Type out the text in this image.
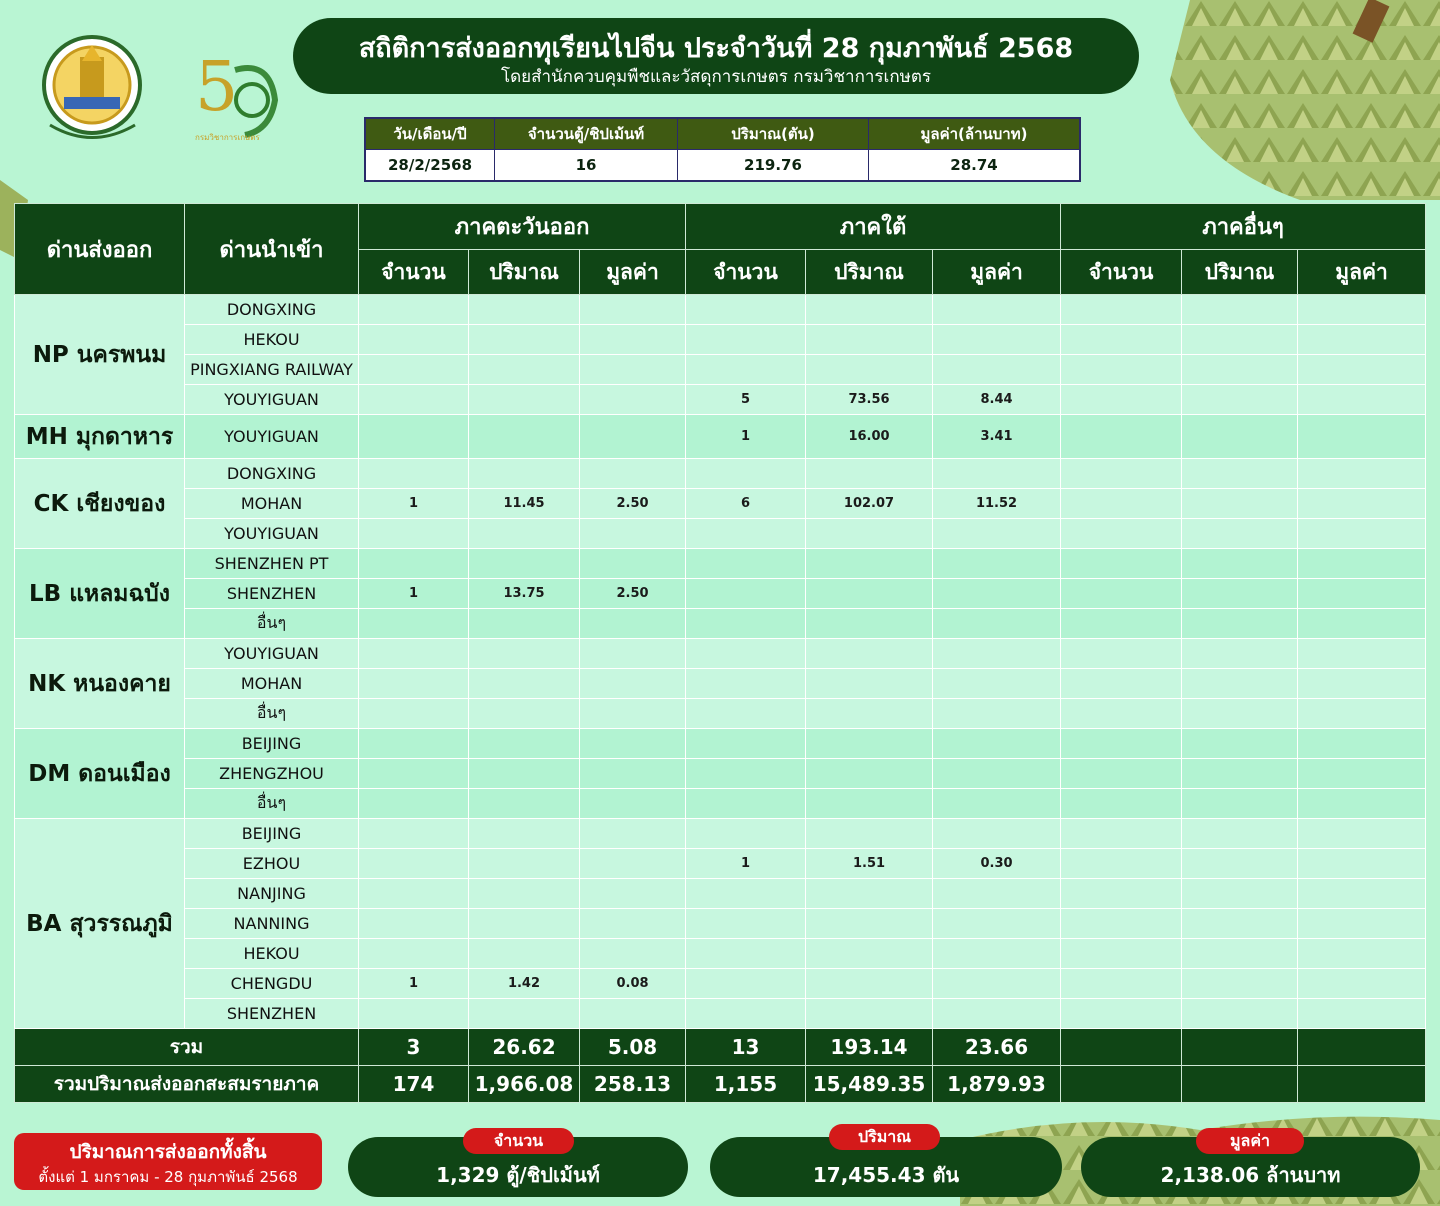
5
กรมวิชาการเกษตร
สถิติการส่งออกทุเรียนไปจีน ประจำวันที่ 28 กุมภาพันธ์ 2568
โดยสำนักควบคุมพืชและวัสดุการเกษตร กรมวิชาการเกษตร
วัน/เดือน/ปี	จำนวนตู้/ชิปเม้นท์	ปริมาณ(ตัน)	มูลค่า(ล้านบาท)
28/2/2568	16	219.76	28.74
ด่านส่งออก	ด่านนำเข้า	ภาคตะวันออก			ภาคใต้			ภาคอื่นๆ		
		จำนวน	ปริมาณ	มูลค่า	จำนวน	ปริมาณ	มูลค่า	จำนวน	ปริมาณ	มูลค่า
NP นครพนม	DONGXING									
	HEKOU									
	PINGXIANG RAILWAY									
	YOUYIGUAN				5	73.56	8.44			
MH มุกดาหาร	YOUYIGUAN				1	16.00	3.41			
CK เชียงของ	DONGXING									
	MOHAN	1	11.45	2.50	6	102.07	11.52			
	YOUYIGUAN									
LB แหลมฉบัง	SHENZHEN PT									
	SHENZHEN	1	13.75	2.50						
	อื่นๆ									
NK หนองคาย	YOUYIGUAN									
	MOHAN									
	อื่นๆ									
DM ดอนเมือง	BEIJING									
	ZHENGZHOU									
	อื่นๆ									
BA สุวรรณภูมิ	BEIJING									
	EZHOU				1	1.51	0.30			
	NANJING									
	NANNING									
	HEKOU									
	CHENGDU	1	1.42	0.08						
	SHENZHEN									
รวม		3	26.62	5.08	13	193.14	23.66			
รวมปริมาณส่งออกสะสมรายภาค		174	1,966.08	258.13	1,155	15,489.35	1,879.93			
ปริมาณการส่งออกทั้งสิ้น
ตั้งแต่ 1 มกราคม - 28 กุมภาพันธ์ 2568	1,329 ตู้/ชิปเม้นท์
จำนวน
17,455.43 ตัน
ปริมาณ
2,138.06 ล้านบาท
มูลค่า
